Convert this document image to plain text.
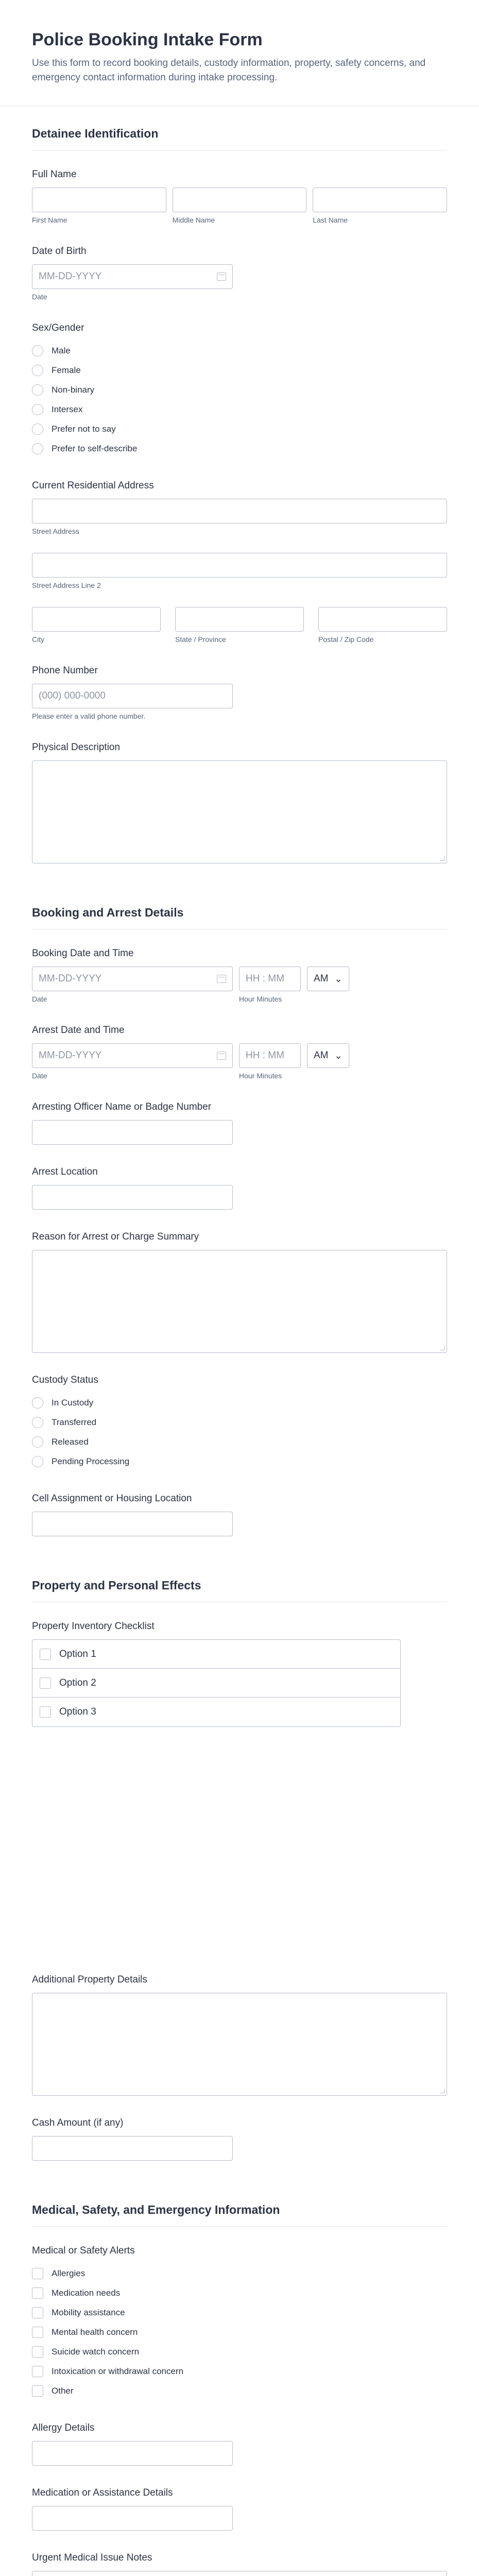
Police Booking Intake Form

Use this form to record booking details, custody information, property, safety concerns, and emergency contact information during intake processing.

Detainee Identification
Full Name
First Name	Middle Name	Last Name
Date of Birth
MM-DD-YYYY
Date
Sex/Gender
Male
Female
Non-binary
Intersex
Prefer not to say
Prefer to self-describe
Current Residential Address
Street Address
Street Address Line 2
City	State / Province	Postal / Zip Code
Phone Number
(000) 000-0000
Please enter a valid phone number.
Physical Description
Booking and Arrest Details
Booking Date and Time
MM-DD-YYYY
Date
HH : MM
Hour Minutes
AM ⌄
Arrest Date and Time
MM-DD-YYYY
Date
HH : MM
Hour Minutes
AM ⌄
Arresting Officer Name or Badge Number
Arrest Location
Reason for Arrest or Charge Summary
Custody Status
In Custody
Transferred
Released
Pending Processing
Cell Assignment or Housing Location
Property and Personal Effects
Property Inventory Checklist
Option 1
Option 2
Option 3
Additional Property Details
Cash Amount (if any)
Medical, Safety, and Emergency Information
Medical or Safety Alerts
Allergies
Medication needs
Mobility assistance
Mental health concern
Suicide watch concern
Intoxication or withdrawal concern
Other
Allergy Details
Medication or Assistance Details
Urgent Medical Issue Notes
